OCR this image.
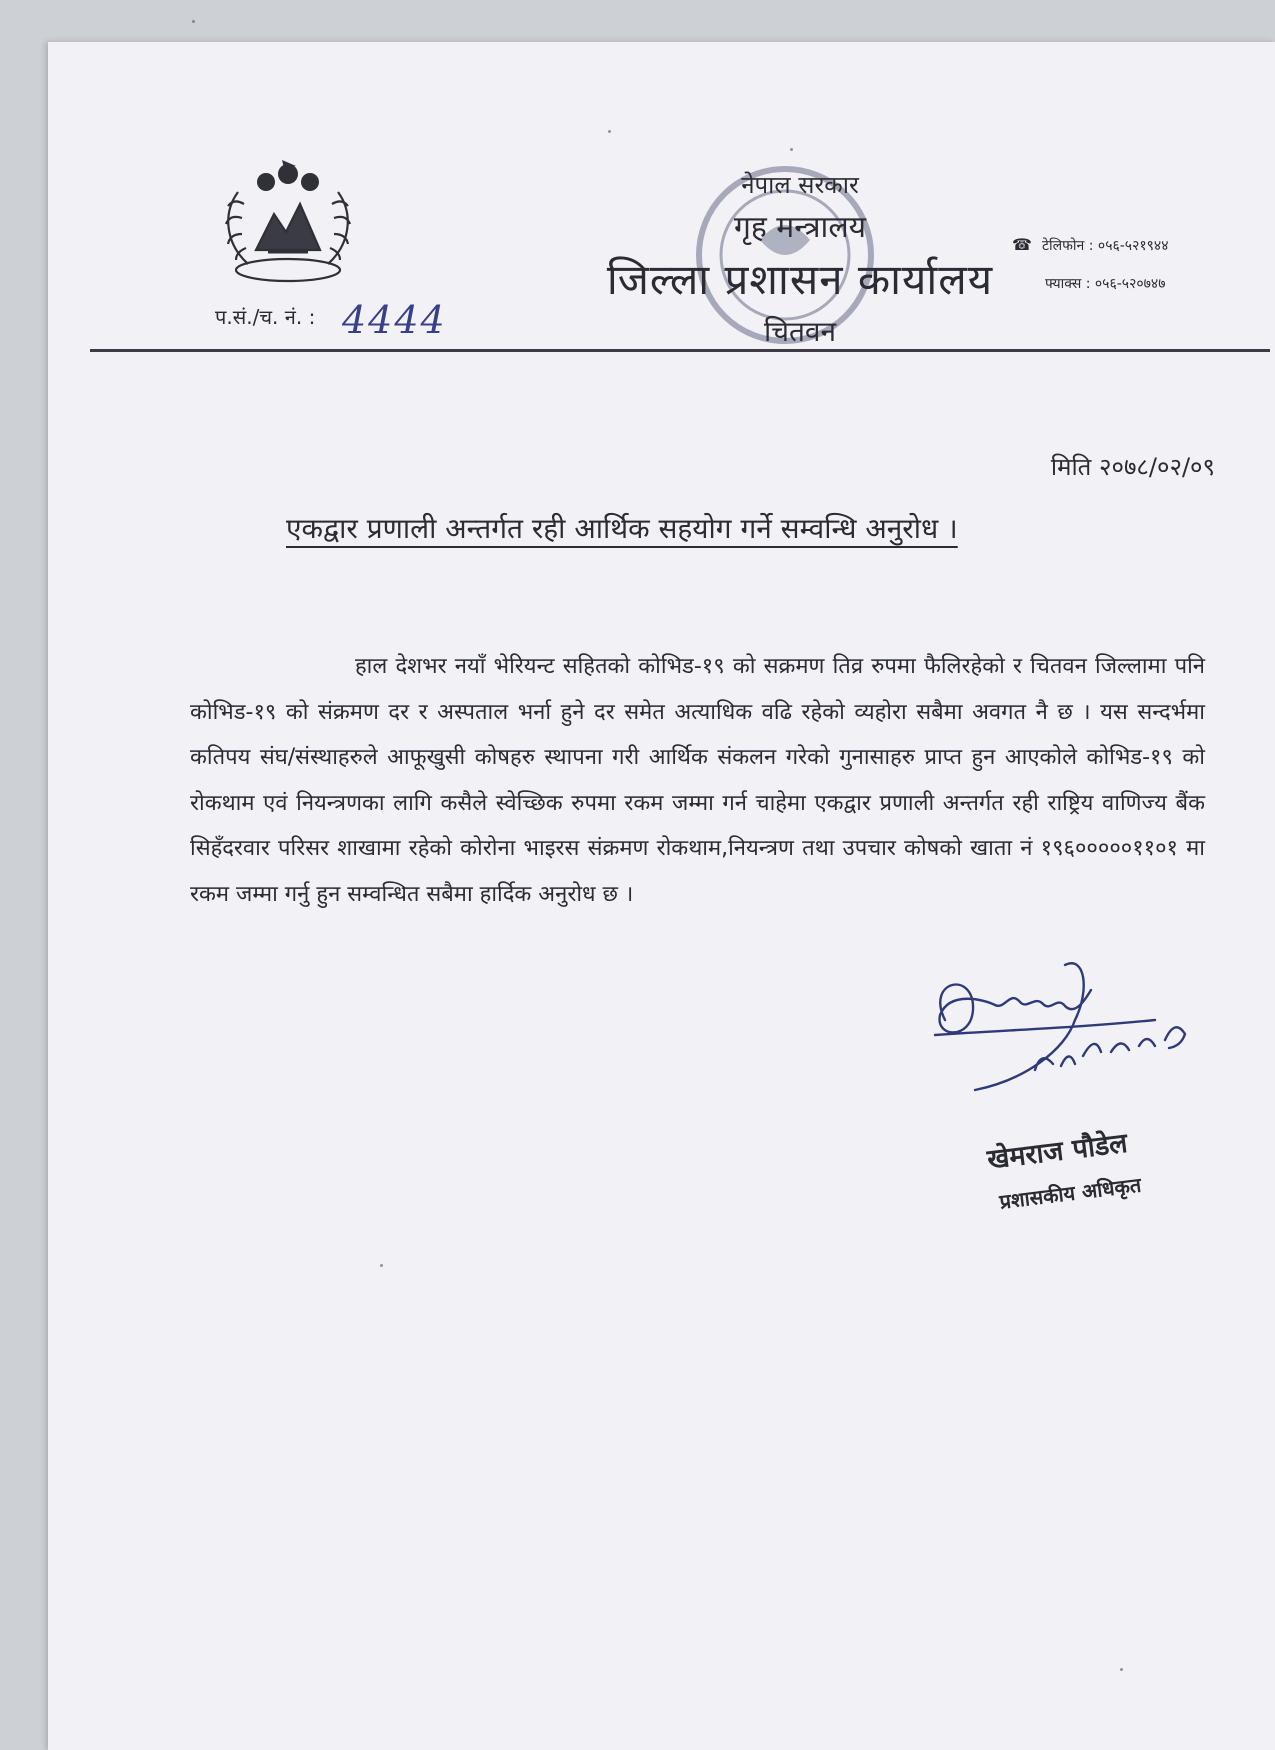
प.सं./च. नं. : 4444
नेपाल सरकार
गृह मन्त्रालय
जिल्ला प्रशासन कार्यालय
चितवन
☎ टेलिफोन : ०५६-५२१९४४
फ्याक्स : ०५६-५२०७४७
मिति २०७८/०२/०९
एकद्वार प्रणाली अन्तर्गत रही आर्थिक सहयोग गर्ने सम्वन्धि अनुरोध ।
हाल देशभर नयाँ भेरियन्ट सहितको कोभिड-१९ को सक्रमण तिव्र रुपमा फैलिरहेको र चितवन जिल्लामा पनि कोभिड-१९ को संक्रमण दर र अस्पताल भर्ना हुने दर समेत अत्याधिक वढि रहेको व्यहोरा सबैमा अवगत नै छ । यस सन्दर्भमा कतिपय संघ/संस्थाहरुले आफूखुसी कोषहरु स्थापना गरी आर्थिक संकलन गरेको गुनासाहरु प्राप्त हुन आएकोले कोभिड-१९ को रोकथाम एवं नियन्त्रणका लागि कसैले स्वेच्छिक रुपमा रकम जम्मा गर्न चाहेमा एकद्वार प्रणाली अन्तर्गत रही राष्ट्रिय वाणिज्य बैंक सिहँदरवार परिसर शाखामा रहेको कोरोना भाइरस संक्रमण रोकथाम,नियन्त्रण तथा उपचार कोषको खाता नं १९६०००००११०१ मा रकम जम्मा गर्नु हुन सम्वन्धित सबैमा हार्दिक अनुरोध छ ।
खेमराज पौडेल
प्रशासकीय अधिकृत
